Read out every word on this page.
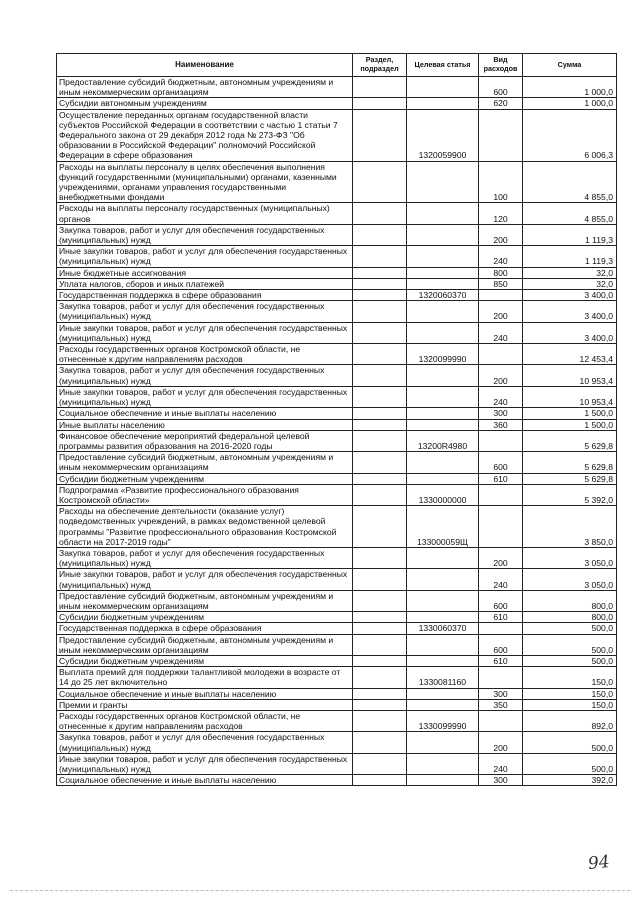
Наименование	Раздел, подраздел	Целевая статья	Вид расходов	Сумма
Предоставление субсидий бюджетным, автономным учреждениям и иным некоммерческим организациям			600	1 000,0
Субсидии автономным учреждениям			620	1 000,0
Осуществление переданных органам государственной власти субъектов Российской Федерации в соответствии с частью 1 статьи 7 Федерального закона от 29 декабря 2012 года № 273-ФЗ "Об образовании в Российской Федерации" полномочий Российской Федерации в сфере образования		1320059900		6 006,3
Расходы на выплаты персоналу в целях обеспечения выполнения функций государственными (муниципальными) органами, казенными учреждениями, органами управления государственными внебюджетными фондами			100	4 855,0
Расходы на выплаты персоналу государственных (муниципальных) органов			120	4 855,0
Закупка товаров, работ и услуг для обеспечения государственных (муниципальных) нужд			200	1 119,3
Иные закупки товаров, работ и услуг для обеспечения государственных (муниципальных) нужд			240	1 119,3
Иные бюджетные ассигнования			800	32,0
Уплата налогов, сборов и иных платежей			850	32,0
Государственная поддержка в сфере образования		1320060370		3 400,0
Закупка товаров, работ и услуг для обеспечения государственных (муниципальных) нужд			200	3 400,0
Иные закупки товаров, работ и услуг для обеспечения государственных (муниципальных) нужд			240	3 400,0
Расходы государственных органов Костромской области, не отнесенные к другим направлениям расходов		1320099990		12 453,4
Закупка товаров, работ и услуг для обеспечения государственных (муниципальных) нужд			200	10 953,4
Иные закупки товаров, работ и услуг для обеспечения государственных (муниципальных) нужд			240	10 953,4
Социальное обеспечение и иные выплаты населению			300	1 500,0
Иные выплаты населению			360	1 500,0
Финансовое обеспечение мероприятий федеральной целевой программы развития образования на 2016-2020 годы		13200R4980		5 629,8
Предоставление субсидий бюджетным, автономным учреждениям и иным некоммерческим организациям			600	5 629,8
Субсидии бюджетным учреждениям			610	5 629,8
Подпрограмма «Развитие профессионального образования Костромской области»		1330000000		5 392,0
Расходы на обеспечение деятельности (оказание услуг) подведомственных учреждений, в рамках ведомственной целевой программы "Развитие профессионального образования Костромской области на 2017-2019 годы"		133000059Щ		3 850,0
Закупка товаров, работ и услуг для обеспечения государственных (муниципальных) нужд			200	3 050,0
Иные закупки товаров, работ и услуг для обеспечения государственных (муниципальных) нужд			240	3 050,0
Предоставление субсидий бюджетным, автономным учреждениям и иным некоммерческим организациям			600	800,0
Субсидии бюджетным учреждениям			610	800,0
Государственная поддержка в сфере образования		1330060370		500,0
Предоставление субсидий бюджетным, автономным учреждениям и иным некоммерческим организациям			600	500,0
Субсидии бюджетным учреждениям			610	500,0
Выплата премий для поддержки талантливой молодежи в возрасте от 14 до 25 лет включительно		1330081160		150,0
Социальное обеспечение и иные выплаты населению			300	150,0
Премии и гранты			350	150,0
Расходы государственных органов Костромской области, не отнесенные к другим направлениям расходов		1330099990		892,0
Закупка товаров, работ и услуг для обеспечения государственных (муниципальных) нужд			200	500,0
Иные закупки товаров, работ и услуг для обеспечения государственных (муниципальных) нужд			240	500,0
Социальное обеспечение и иные выплаты населению			300	392,0
94
